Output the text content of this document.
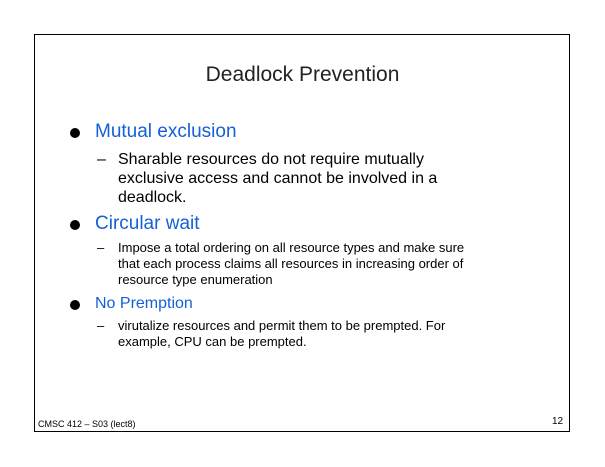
Deadlock Prevention
Mutual exclusion
– Sharable resources do not require mutually
exclusive access and cannot be involved in a
deadlock.
Circular wait
– Impose a total ordering on all resource types and make sure
that each process claims all resources in increasing order of
resource type enumeration
No Premption
– virutalize resources and permit them to be prempted. For
example, CPU can be prempted.
CMSC 412 – S03 (lect8)	12
